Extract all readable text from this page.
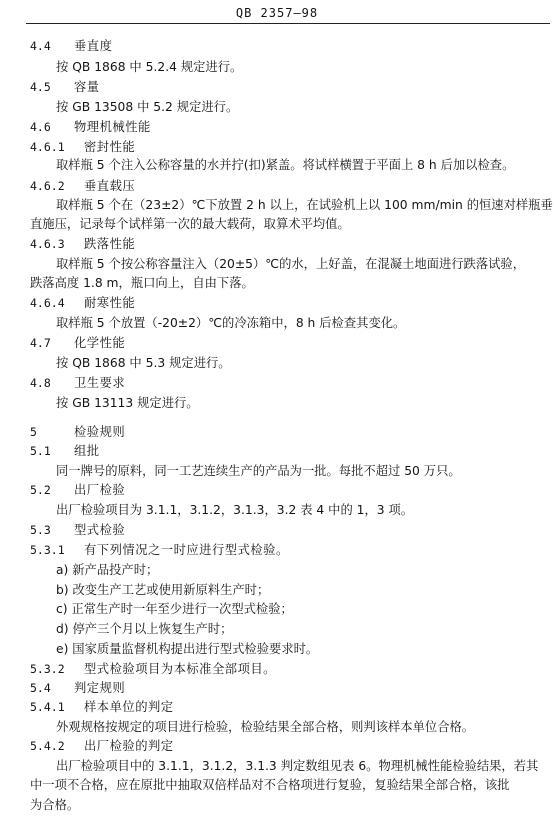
QB 2357—98
4.4 垂直度
按 QB 1868 中 5.2.4 规定进行。
4.5 容量
按 GB 13508 中 5.2 规定进行。
4.6 物理机械性能
4.6.1 密封性能
取样瓶 5 个注入公称容量的水并拧(扣)紧盖。将试样横置于平面上 8 h 后加以检查。
4.6.2 垂直载压
取样瓶 5 个在（23±2）℃下放置 2 h 以上，在试验机上以 100 mm/min 的恒速对样瓶垂
直施压，记录每个试样第一次的最大载荷，取算术平均值。
4.6.3 跌落性能
取样瓶 5 个按公称容量注入（20±5）℃的水，上好盖，在混凝土地面进行跌落试验，
跌落高度 1.8 m，瓶口向上，自由下落。
4.6.4 耐寒性能
取样瓶 5 个放置（-20±2）℃的冷冻箱中，8 h 后检查其变化。
4.7 化学性能
按 QB 1868 中 5.3 规定进行。
4.8 卫生要求
按 GB 13113 规定进行。
5	检验规则
5.1 组批
同一牌号的原料，同一工艺连续生产的产品为一批。每批不超过 50 万只。
5.2 出厂检验
出厂检验项目为 3.1.1，3.1.2，3.1.3，3.2 表 4 中的 1，3 项。
5.3 型式检验
5.3.1 有下列情况之一时应进行型式检验。
a) 新产品投产时；
b) 改变生产工艺或使用新原料生产时；
c) 正常生产时一年至少进行一次型式检验；
d) 停产三个月以上恢复生产时；
e) 国家质量监督机构提出进行型式检验要求时。
5.3.2 型式检验项目为本标准全部项目。
5.4 判定规则
5.4.1 样本单位的判定
外观规格按规定的项目进行检验，检验结果全部合格，则判该样本单位合格。
5.4.2 出厂检验的判定
出厂检验项目中的 3.1.1，3.1.2，3.1.3 判定数组见表 6。物理机械性能检验结果，若其
中一项不合格，应在原批中抽取双倍样品对不合格项进行复验，复验结果全部合格，该批
为合格。
